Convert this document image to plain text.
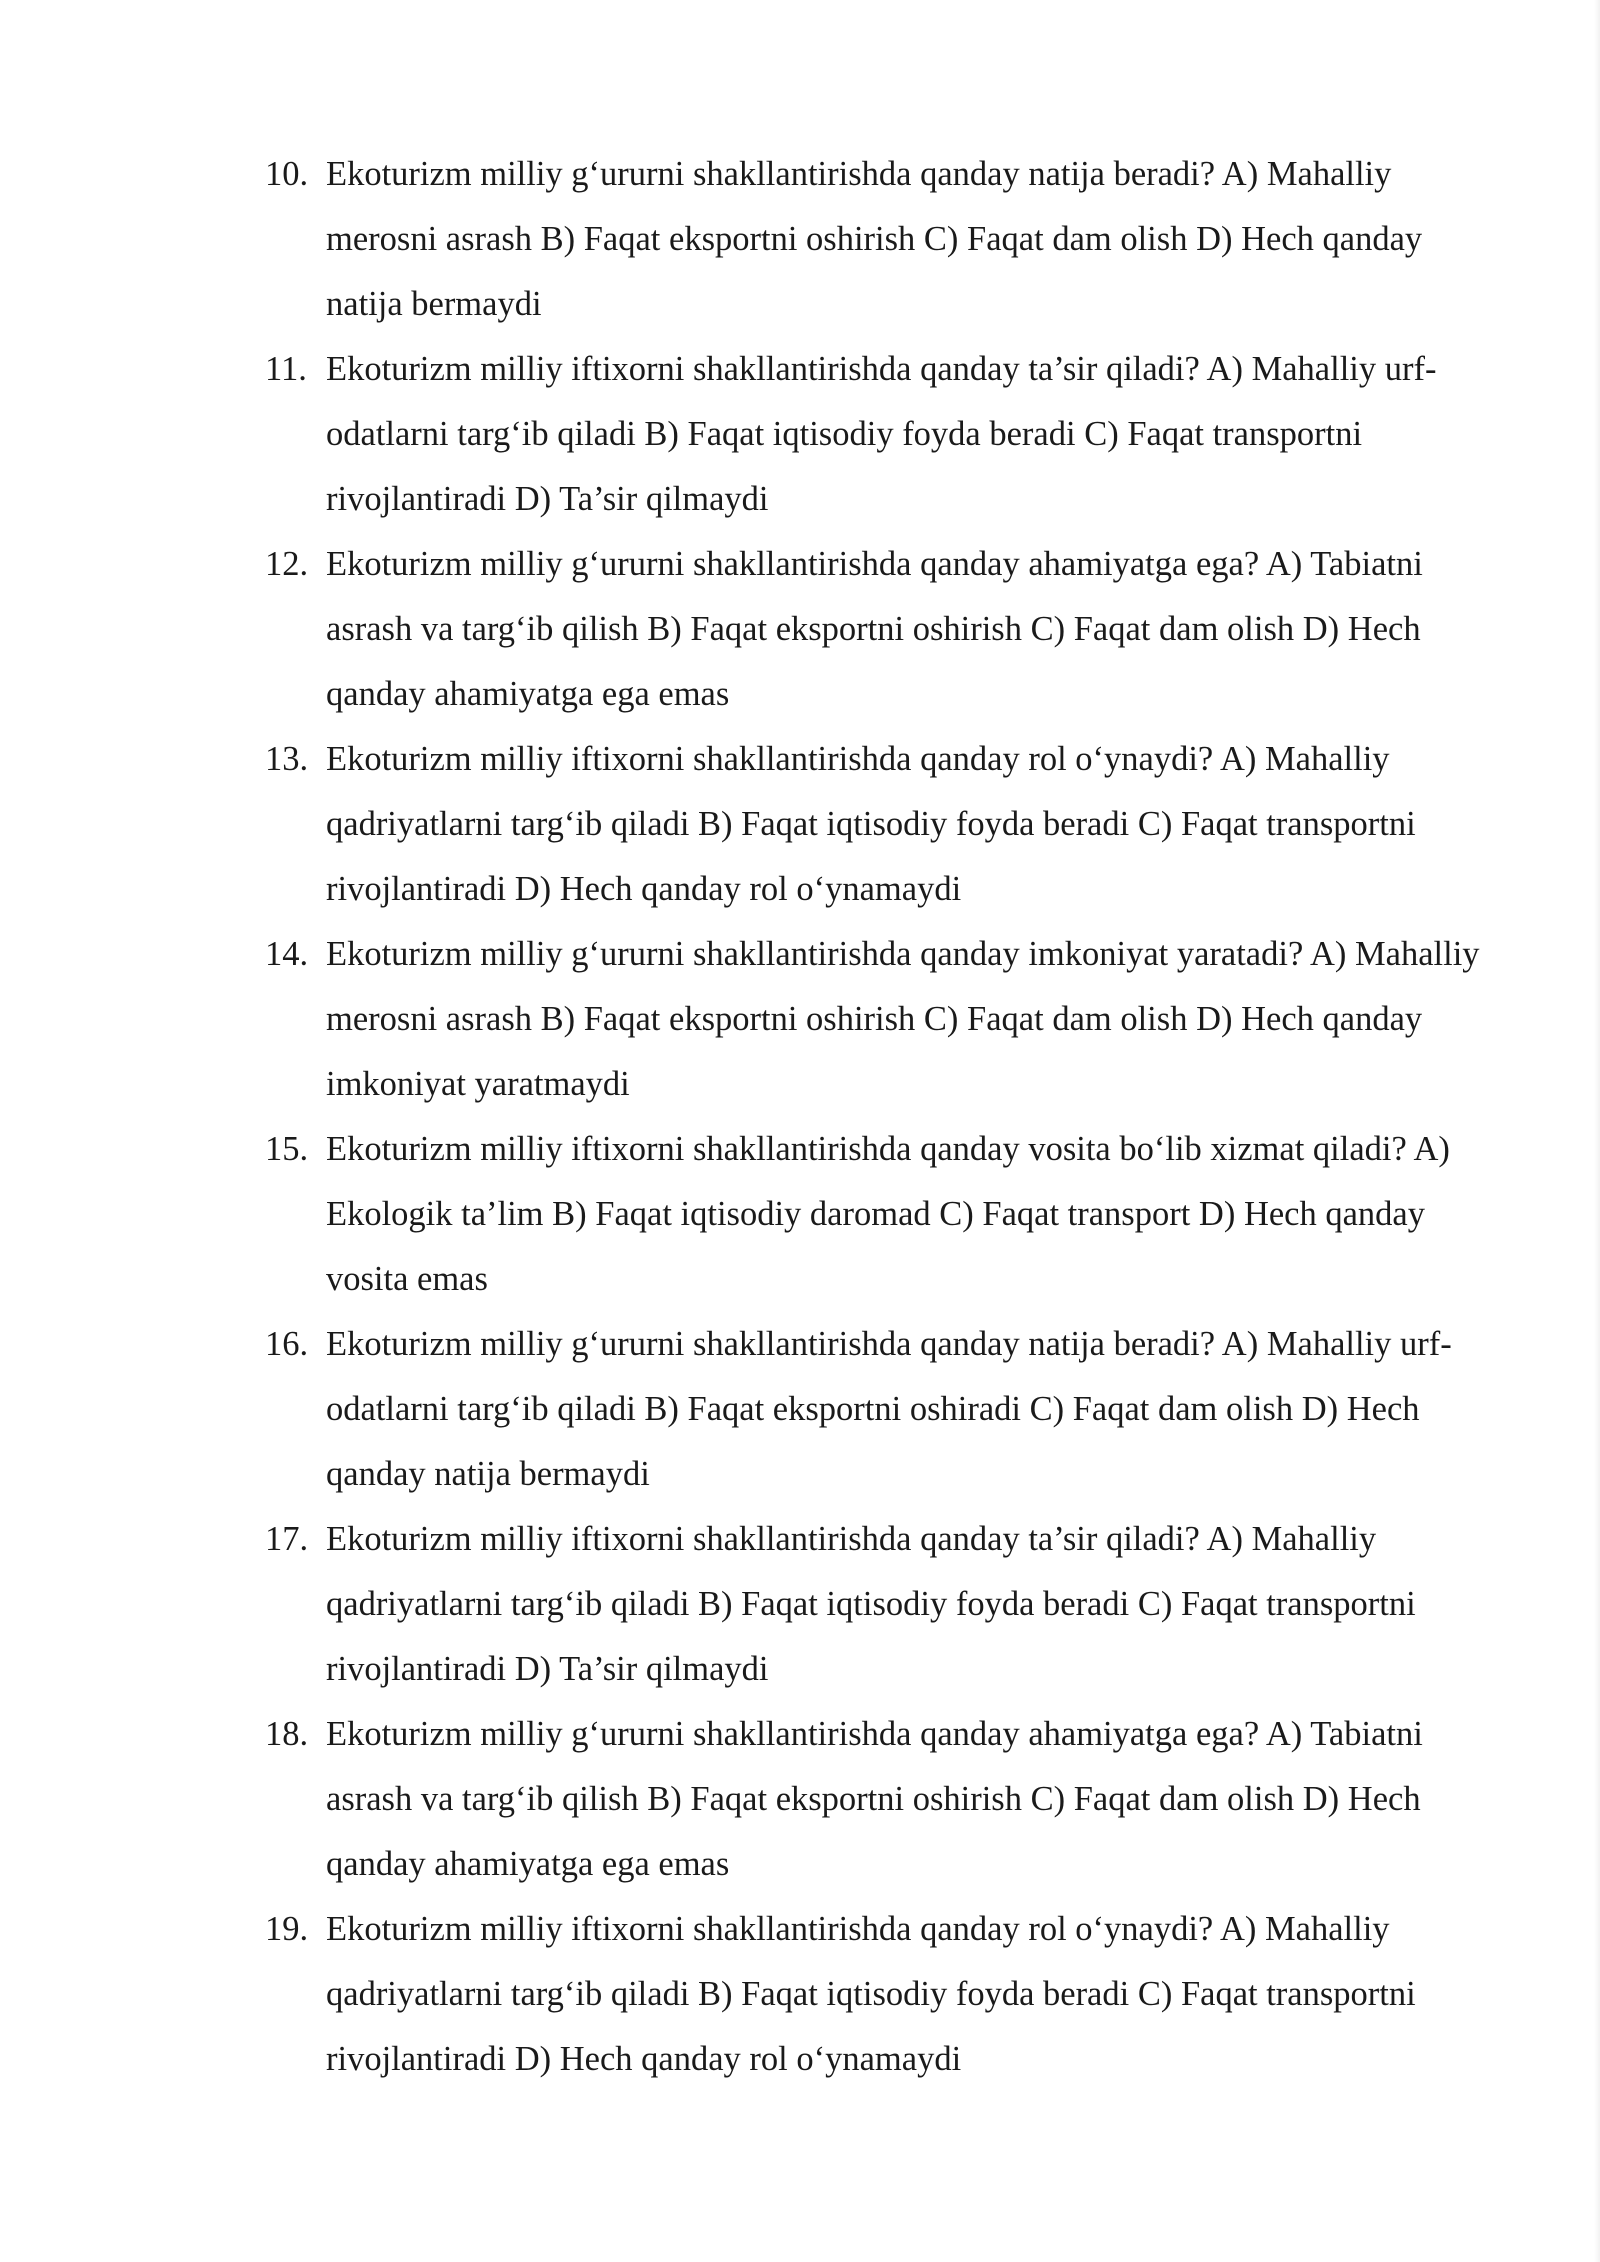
10. Ekoturizm milliy g‘ururni shakllantirishda qanday natija beradi? A) Mahalliy merosni asrash B) Faqat eksportni oshirish C) Faqat dam olish D) Hech qanday natija bermaydi
11. Ekoturizm milliy iftixorni shakllantirishda qanday ta’sir qiladi? A) Mahalliy urf-odatlarni targ‘ib qiladi B) Faqat iqtisodiy foyda beradi C) Faqat transportni rivojlantiradi D) Ta’sir qilmaydi
12. Ekoturizm milliy g‘ururni shakllantirishda qanday ahamiyatga ega? A) Tabiatni asrash va targ‘ib qilish B) Faqat eksportni oshirish C) Faqat dam olish D) Hech qanday ahamiyatga ega emas
13. Ekoturizm milliy iftixorni shakllantirishda qanday rol o‘ynaydi? A) Mahalliy qadriyatlarni targ‘ib qiladi B) Faqat iqtisodiy foyda beradi C) Faqat transportni rivojlantiradi D) Hech qanday rol o‘ynamaydi
14. Ekoturizm milliy g‘ururni shakllantirishda qanday imkoniyat yaratadi? A) Mahalliy merosni asrash B) Faqat eksportni oshirish C) Faqat dam olish D) Hech qanday imkoniyat yaratmaydi
15. Ekoturizm milliy iftixorni shakllantirishda qanday vosita bo‘lib xizmat qiladi? A) Ekologik ta’lim B) Faqat iqtisodiy daromad C) Faqat transport D) Hech qanday vosita emas
16. Ekoturizm milliy g‘ururni shakllantirishda qanday natija beradi? A) Mahalliy urf-odatlarni targ‘ib qiladi B) Faqat eksportni oshiradi C) Faqat dam olish D) Hech qanday natija bermaydi
17. Ekoturizm milliy iftixorni shakllantirishda qanday ta’sir qiladi? A) Mahalliy qadriyatlarni targ‘ib qiladi B) Faqat iqtisodiy foyda beradi C) Faqat transportni rivojlantiradi D) Ta’sir qilmaydi
18. Ekoturizm milliy g‘ururni shakllantirishda qanday ahamiyatga ega? A) Tabiatni asrash va targ‘ib qilish B) Faqat eksportni oshirish C) Faqat dam olish D) Hech qanday ahamiyatga ega emas
19. Ekoturizm milliy iftixorni shakllantirishda qanday rol o‘ynaydi? A) Mahalliy qadriyatlarni targ‘ib qiladi B) Faqat iqtisodiy foyda beradi C) Faqat transportni rivojlantiradi D) Hech qanday rol o‘ynamaydi
